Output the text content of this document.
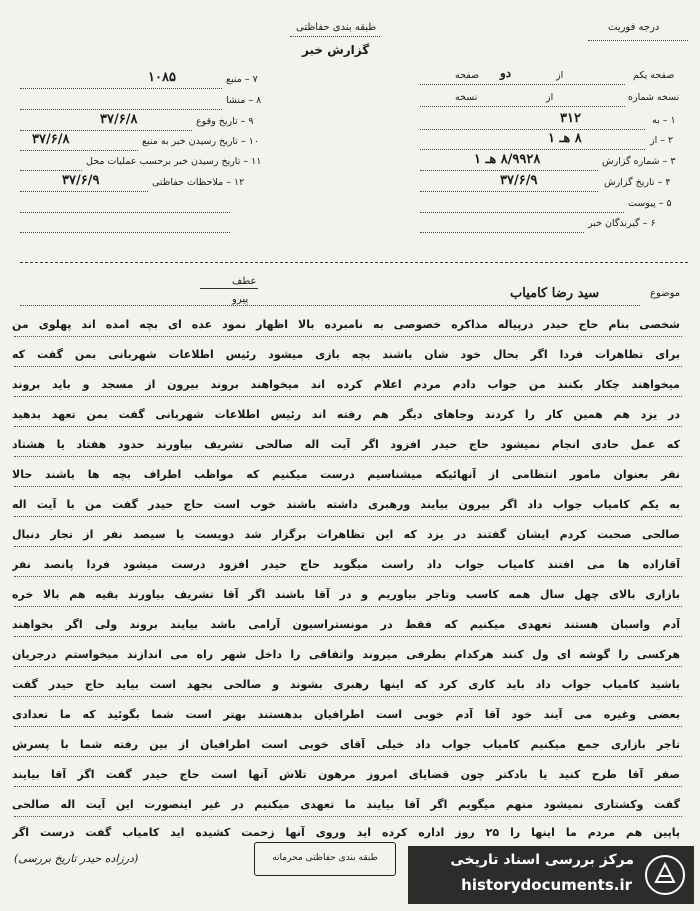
طبقه بندی حفاظتی
گزارش خبر
درجه فوریت
صفحه یکم
از
دو
صفحه
نسخه شماره
از
نسخه
۱ – به
۳۱۲
۲ – از
۸ هـ ۱
۳ – شماره گزارش
۸/۹۹۲۸ هـ ۱
۴ – تاریخ گزارش
۳۷/۶/۹
۵ – پیوست
۶ – گیرندگان خبر
۷ – منبع
۱۰۸۵
۸ – منشا
۹ – تاریخ وقوع
۳۷/۶/۸
۱۰ – تاریخ رسیدن خبر به منبع
۳۷/۶/۸
۱۱ – تاریخ رسیدن خبر برحسب عملیات محل
۱۲ – ملاحظات حفاظتی
۳۷/۶/۹
عطف
پیرو
موضوع
سید رضا کامیاب
شخصی بنام حاج حیدر درپیاله مذاکره خصوصی به نامبرده بالا اظهار نمود عده ای بچه امده اند پهلوی من
برای تظاهرات فردا اگر بحال خود شان باشند بچه بازی میشود رئیس اطلاعات شهربانی بمن گفت که
میخواهند چکار بکنند من جواب دادم مردم اعلام کرده اند میخواهند بروند بیرون از مسجد و باید بروند
در یزد هم همین کار را کردند وجاهای دیگر هم رفته اند رئیس اطلاعات شهربانی گفت بمن تعهد بدهید
که عمل حادی انجام نمیشود حاج حیدر افزود اگر آیت اله صالحی تشریف بیاورند حدود هفتاد یا هشتاد
نفر بعنوان مامور انتظامی از آنهائیکه میشناسیم درست میکنیم که مواظب اطراف بچه ها باشند حالا
به یکم کامیاب جواب داد اگر بیرون بیایند ورهبری داشته باشند خوب است حاج حیدر گفت من با آیت اله
صالحی صحبت کردم ایشان گفتند در یزد که این تظاهرات برگزار شد دویست یا سیصد نفر از تجار دنبال
آقازاده ها می افتند کامیاب جواب داد راست میگوید حاج حیدر افزود درست میشود فردا پانصد نفر
بازاری بالای چهل سال همه کاسب وتاجر بیاوریم و در آقا باشند اگر آقا تشریف بیاورند بقیه هم بالا خره
آدم واسبان هستند تعهدی میکنیم که فقط در مونستراسیون آرامی باشد بیایند بروند ولی اگر بخواهند
هرکسی را گوشه ای ول کنند هرکدام بطرفی میروند واتفاقی را داخل شهر راه می اندازند میخواستم درجریان
باشید کامیاب جواب داد باید کاری کرد که اینها رهبری بشوند و صالحی بجهد است بیاید حاج حیدر گفت
بعضی وغیره می آیند خود آقا آدم خوبی است اطرافیان بدهستند بهتر است شما بگوئید که ما تعدادی
تاجر بازاری جمع میکنیم کامیاب جواب داد خیلی آقای خوبی است اطرافیان از بین رفته شما با پسرش
صفر آقا طرح کنید یا بادکتر چون قضایای امروز مرهون تلاش آنها است حاج حیدر گفت اگر آقا بیایند
گفت وکشتاری نمیشود منهم میگویم اگر آقا بیایند ما تعهدی میکنیم در غیر اینصورت این آیت اله صالحی
پاپین هم مردم ما اینها را ۲۵ روز اداره کرده اید وروی آنها زحمت کشیده اید کامیاب گفت درست اگر
(درزاده حیدر تاریخ بررسی)	طبقه بندی حفاظتی محرمانه	مرکز بررسی اسناد تاریخی
historydocuments.ir
